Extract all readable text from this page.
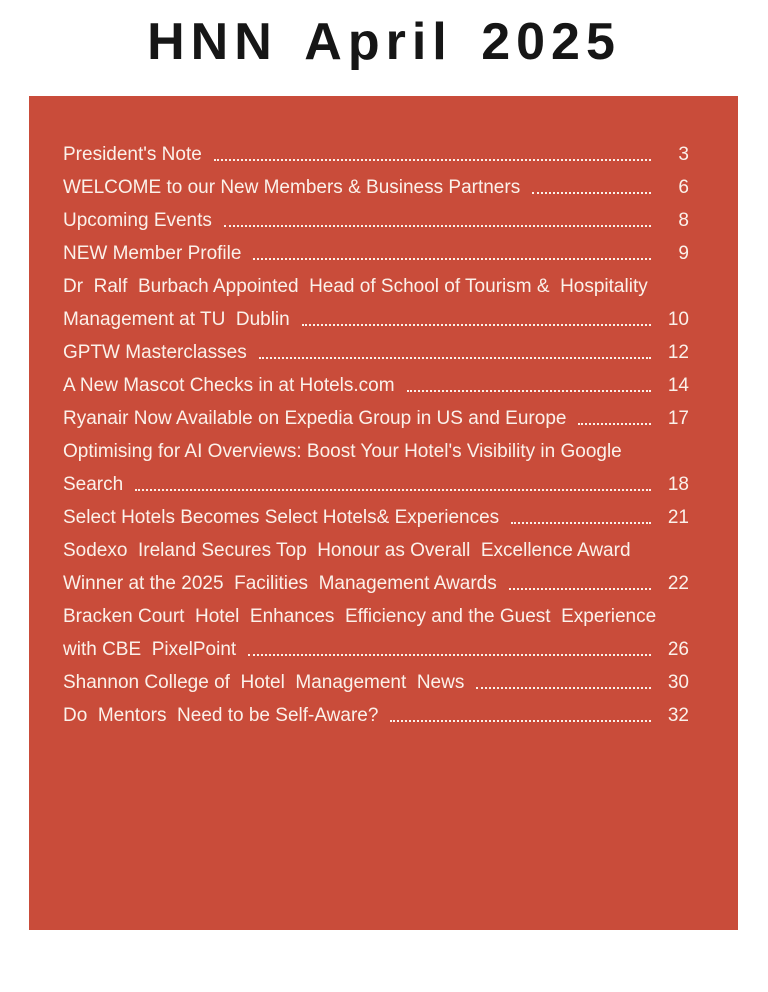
HNN April 2025
President's Note	3
WELCOME to our New Members & Business Partners	6
Upcoming Events	8
NEW Member Profile	9
Dr  Ralf  Burbach Appointed  Head of School of Tourism &  Hospitality
Management at TU  Dublin	10
GPTW Masterclasses	12
A New Mascot Checks in at Hotels.com	14
Ryanair Now Available on Expedia Group in US and Europe	17
Optimising for AI Overviews: Boost Your Hotel's Visibility in Google
Search	18
Select Hotels Becomes Select Hotels& Experiences	21
Sodexo  Ireland Secures Top  Honour as Overall  Excellence Award
Winner at the 2025  Facilities  Management Awards	22
Bracken Court  Hotel  Enhances  Efficiency and the Guest  Experience
with CBE  PixelPoint	26
Shannon College of  Hotel  Management  News	30
Do  Mentors  Need to be Self-Aware?	32
